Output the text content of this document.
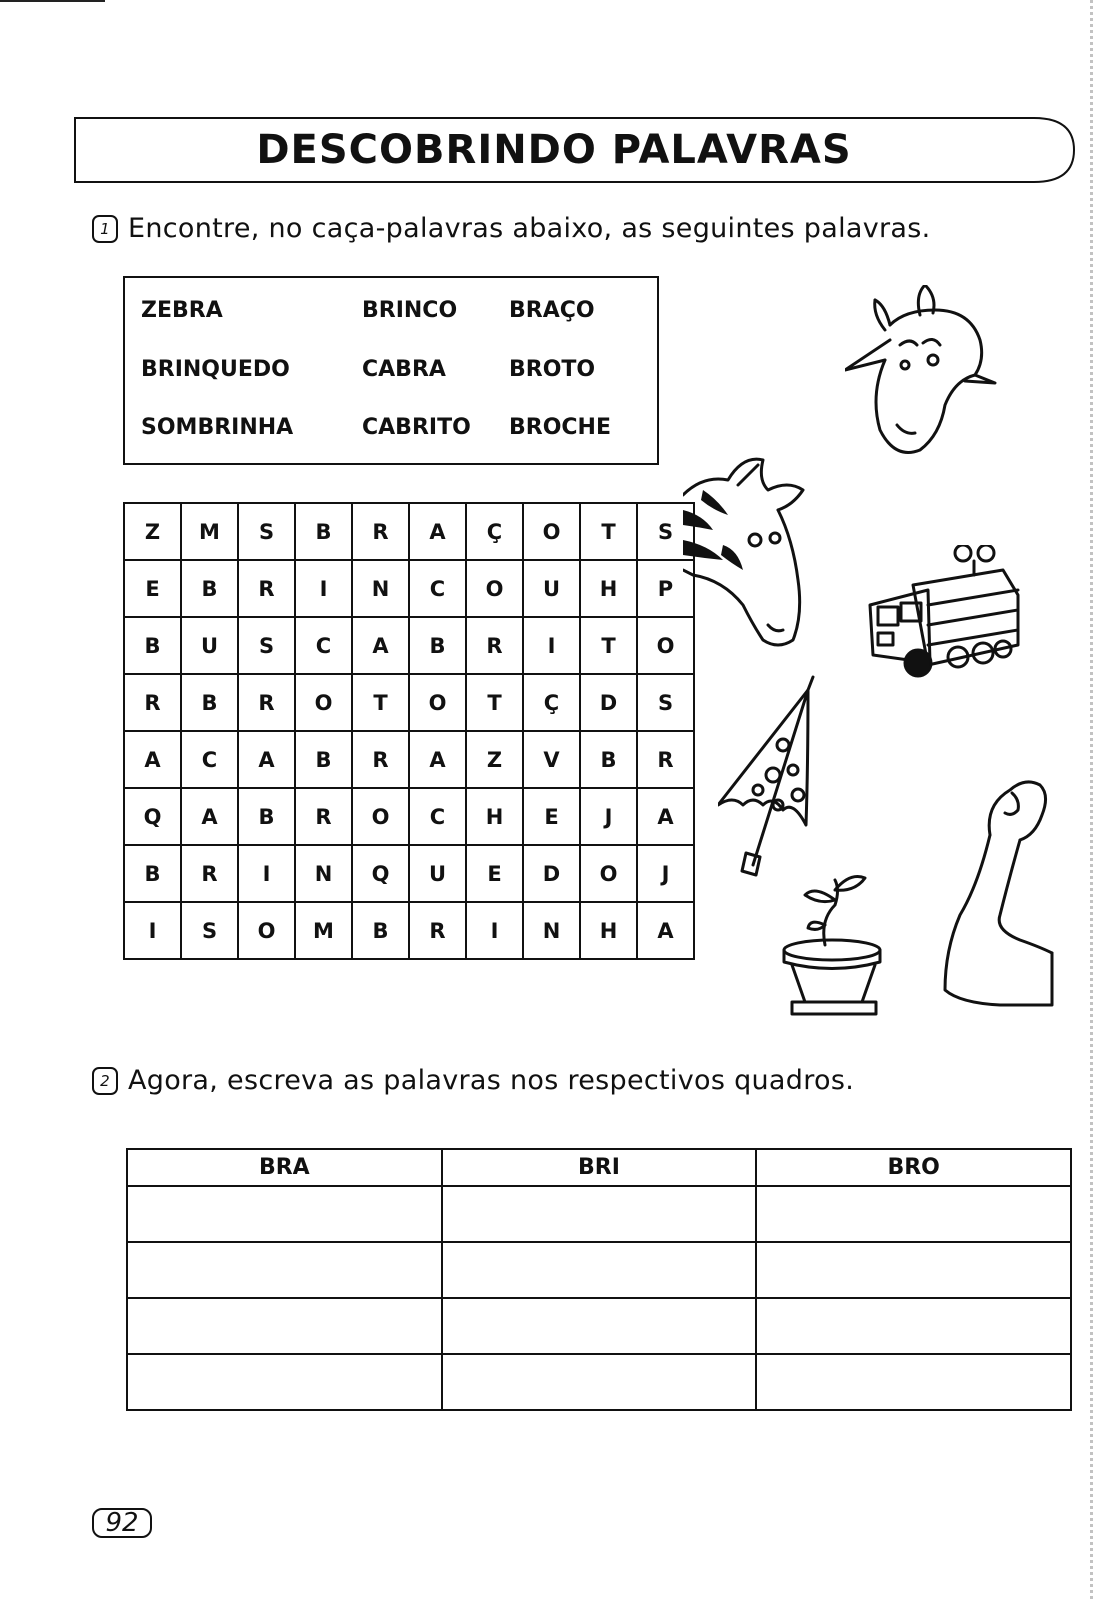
DESCOBRINDO PALAVRAS
1 Encontre, no caça-palavras abaixo, as seguintes palavras.
ZEBRA	BRINCO BRAÇO
BRINQUEDO	CABRA	BROTO
SOMBRINHA	CABRITO BROCHE
Z	M	S	B	R	A	Ç	O	T	S
E	B	R	I	N	C	O	U	H	P
B	U	S	C	A	B	R	I	T	O
R	B	R	O	T	O	T	Ç	D	S
A	C	A	B	R	A	Z	V	B	R
Q	A	B	R	O	C	H	E	J	A
B	R	I	N	Q	U	E	D	O	J
I	S	O	M	B	R	I	N	H	A
2 Agora, escreva as palavras nos respectivos quadros.
BRA	BRI	BRO

92
